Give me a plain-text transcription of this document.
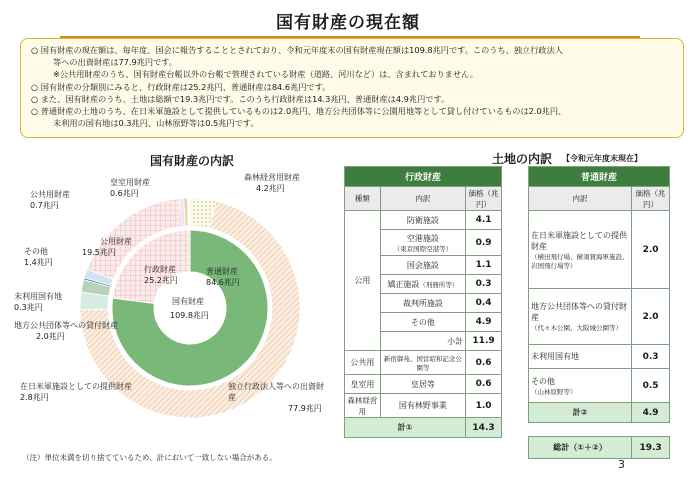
国有財産の現在額

○ 国有財産の現在額は、毎年度、国会に報告することとされており、令和元年度末の国有財産現在額は109.8兆円です。このうち、独立行政法人

等への出資財産は77.9兆円です。

※公共用財産のうち、国有財産台帳以外の台帳で管理されている財産（道路、河川など）は、含まれておりません。

○ 国有財産の分類別にみると、行政財産は25.2兆円、普通財産は84.6兆円です。

○ また、国有財産のうち、土地は総額で19.3兆円です。このうち行政財産は14.3兆円、普通財産は4.9兆円です。

○ 普通財産の土地のうち、在日米軍施設として提供しているものは2.0兆円、地方公共団体等に公園用地等として貸し付けているものは2.0兆円、

未利用の国有地は0.3兆円、山林原野等は0.5兆円です。

国有財産の内訳	土地の内訳 【令和元年度末現在】
国有財産
109.8兆円
行政財産
25.2兆円
普通財産
84.6兆円
皇室用財産
0.6兆円
森林経営用財産
4.2兆円
公共用財産
0.7兆円
公用財産
19.5兆円
その他
1.4兆円
未利用国有地
0.3兆円
地方公共団体等への貸付財産
2.0兆円
在日米軍施設としての提供財産
2.8兆円
独立行政法人等への出資財産
77.9兆円
行政財産		
種類	内訳	価格（兆円）
公用	防衛施設	4.1
	空港施設
（東京国際空港等）	0.9
	国会施設	1.1
	矯正施設（刑務所等）	0.3
	裁判所施設	0.4
	その他	4.9
	小計	11.9
公共用	新宿御苑、国営昭和記念公園等	0.6
皇室用	皇居等	0.6
森林経営用	国有林野事業	1.0
計①		14.3
普通財産	
内訳	価格（兆円）
在日米軍施設としての提供財産
（横田飛行場、横須賀海軍施設、岩国飛行場等）	2.0
地方公共団体等への貸付財産
（代々木公園、大阪城公園等）	2.0
未利用国有地	0.3
その他
（山林原野等）	0.5
計②	4.9

総計（①＋②）	19.3
（注）単位未満を切り捨てているため、計において一致しない場合がある。
3
